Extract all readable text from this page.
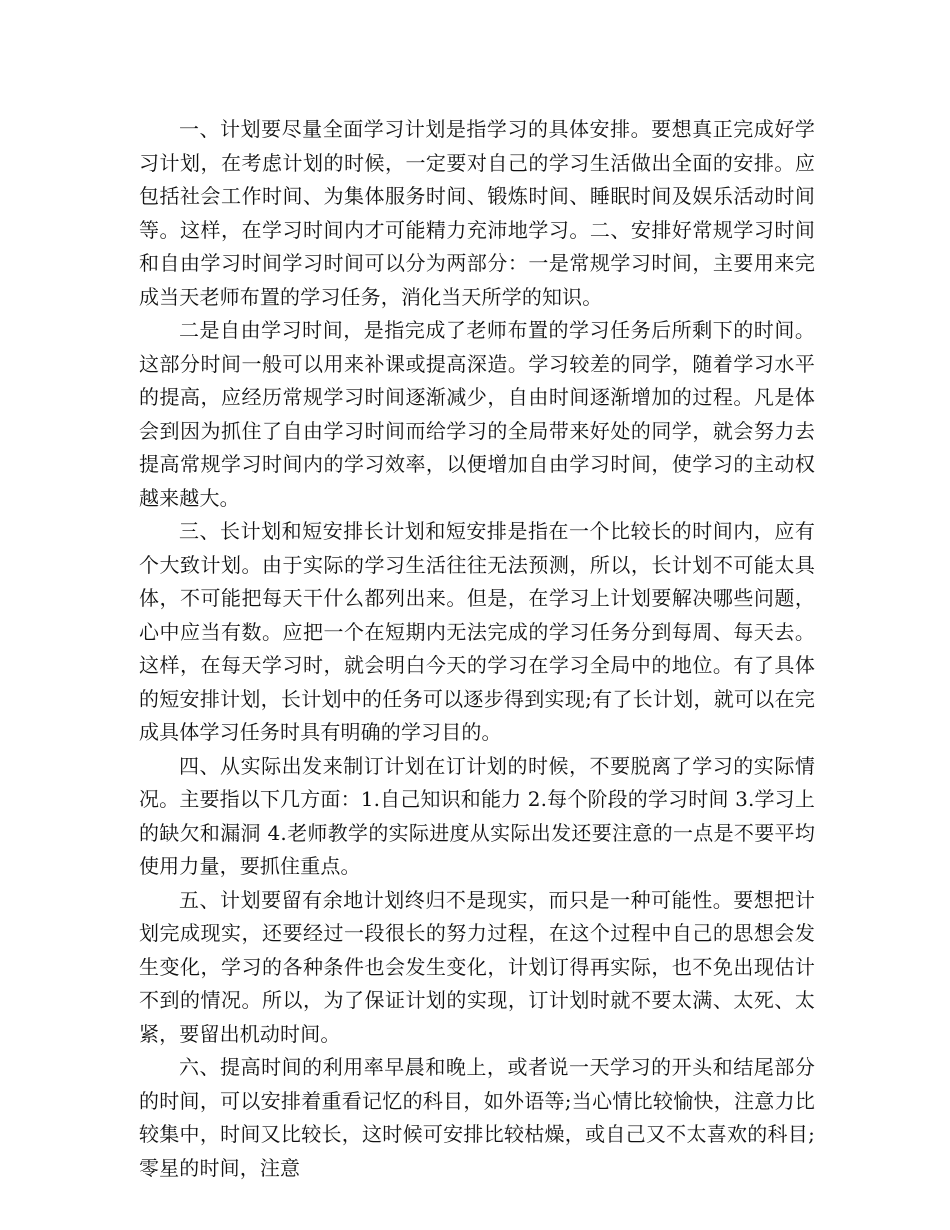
一、计划要尽量全面学习计划是指学习的具体安排。要想真正完成好学习计划，在考虑计划的时候，一定要对自己的学习生活做出全面的安排。应包括社会工作时间、为集体服务时间、锻炼时间、睡眠时间及娱乐活动时间等。这样，在学习时间内才可能精力充沛地学习。二、安排好常规学习时间和自由学习时间学习时间可以分为两部分：一是常规学习时间，主要用来完成当天老师布置的学习任务，消化当天所学的知识。

二是自由学习时间，是指完成了老师布置的学习任务后所剩下的时间。这部分时间一般可以用来补课或提高深造。学习较差的同学，随着学习水平的提高，应经历常规学习时间逐渐减少，自由时间逐渐增加的过程。凡是体会到因为抓住了自由学习时间而给学习的全局带来好处的同学，就会努力去提高常规学习时间内的学习效率，以便增加自由学习时间，使学习的主动权越来越大。

三、长计划和短安排长计划和短安排是指在一个比较长的时间内，应有个大致计划。由于实际的学习生活往往无法预测，所以，长计划不可能太具体，不可能把每天干什么都列出来。但是，在学习上计划要解决哪些问题，心中应当有数。应把一个在短期内无法完成的学习任务分到每周、每天去。这样，在每天学习时，就会明白今天的学习在学习全局中的地位。有了具体的短安排计划，长计划中的任务可以逐步得到实现;有了长计划，就可以在完成具体学习任务时具有明确的学习目的。

四、从实际出发来制订计划在订计划的时候，不要脱离了学习的实际情况。主要指以下几方面：1.自己知识和能力 2.每个阶段的学习时间 3.学习上的缺欠和漏洞 4.老师教学的实际进度从实际出发还要注意的一点是不要平均使用力量，要抓住重点。

五、计划要留有余地计划终归不是现实，而只是一种可能性。要想把计划完成现实，还要经过一段很长的努力过程，在这个过程中自己的思想会发生变化，学习的各种条件也会发生变化，计划订得再实际，也不免出现估计不到的情况。所以，为了保证计划的实现，订计划时就不要太满、太死、太紧，要留出机动时间。

六、提高时间的利用率早晨和晚上，或者说一天学习的开头和结尾部分的时间，可以安排着重看记忆的科目，如外语等;当心情比较愉快，注意力比较集中，时间又比较长，这时候可安排比较枯燥，或自己又不太喜欢的科目;零星的时间，注意
